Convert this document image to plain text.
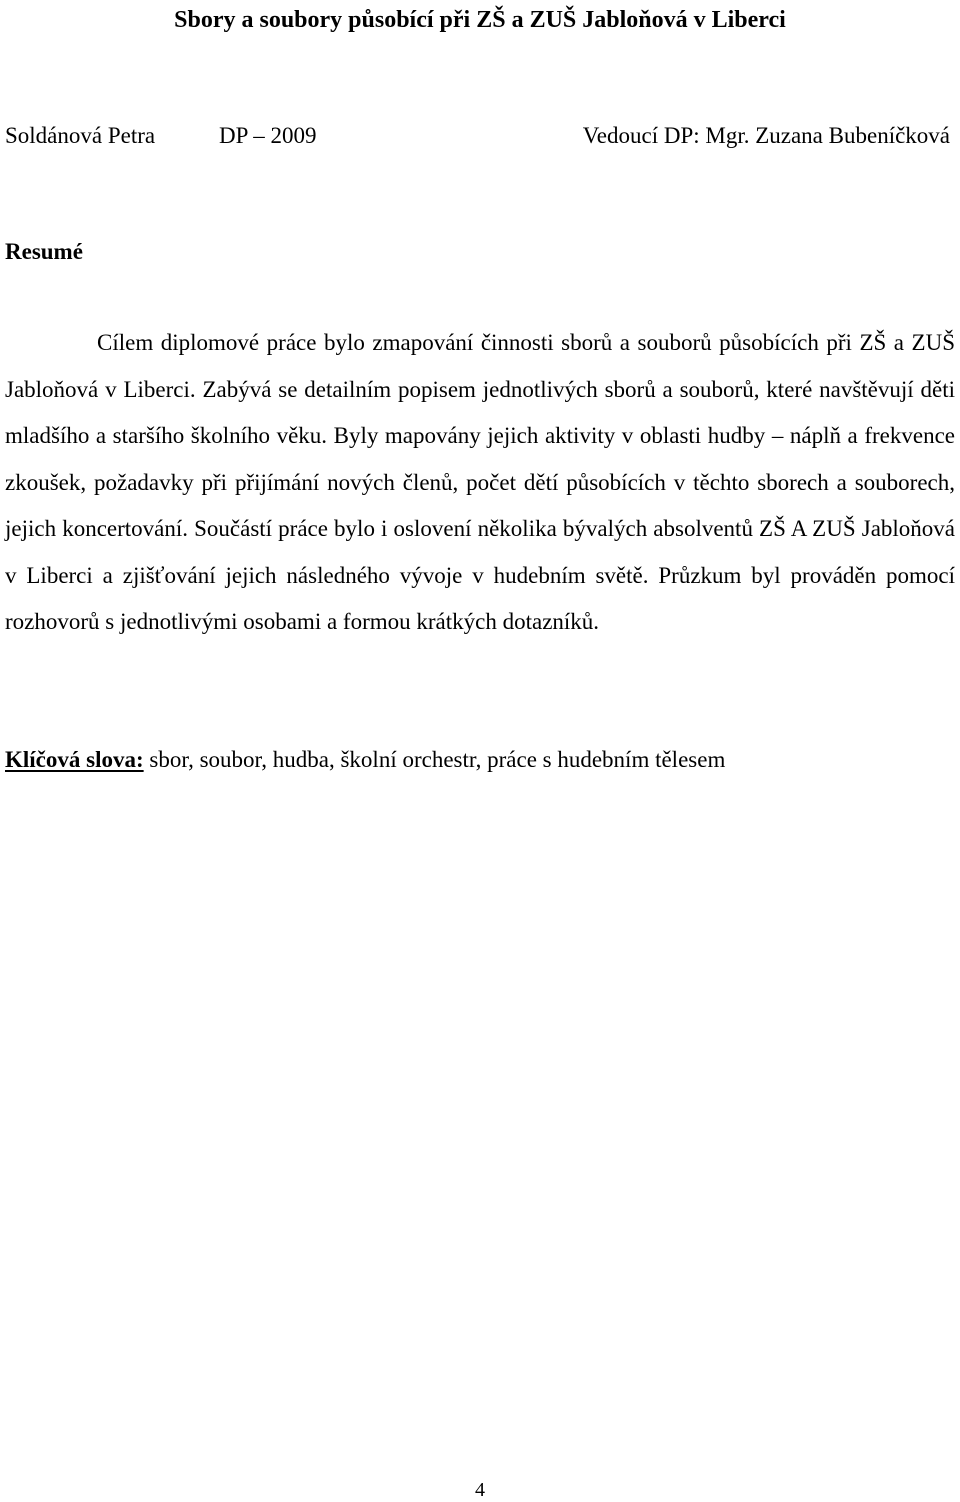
Sbory a soubory působící při ZŠ a ZUŠ Jabloňová v Liberci
Soldánová Petra	DP – 2009	Vedoucí DP: Mgr. Zuzana Bubeníčková
Resumé

Cílem diplomové práce bylo zmapování činnosti sborů a souborů působících při ZŠ a ZUŠ Jabloňová v Liberci. Zabývá se detailním popisem jednotlivých sborů a souborů, které navštěvují děti mladšího a staršího školního věku. Byly mapovány jejich aktivity v oblasti hudby – náplň a frekvence zkoušek, požadavky při přijímání nových členů, počet dětí působících v těchto sborech a souborech, jejich koncertování. Součástí práce bylo i oslovení několika bývalých absolventů ZŠ A ZUŠ Jabloňová v Liberci a zjišťování jejich následného vývoje v hudebním světě. Průzkum byl prováděn pomocí rozhovorů s jednotlivými osobami a formou krátkých dotazníků.

Klíčová slova: sbor, soubor, hudba, školní orchestr, práce s hudebním tělesem

4
